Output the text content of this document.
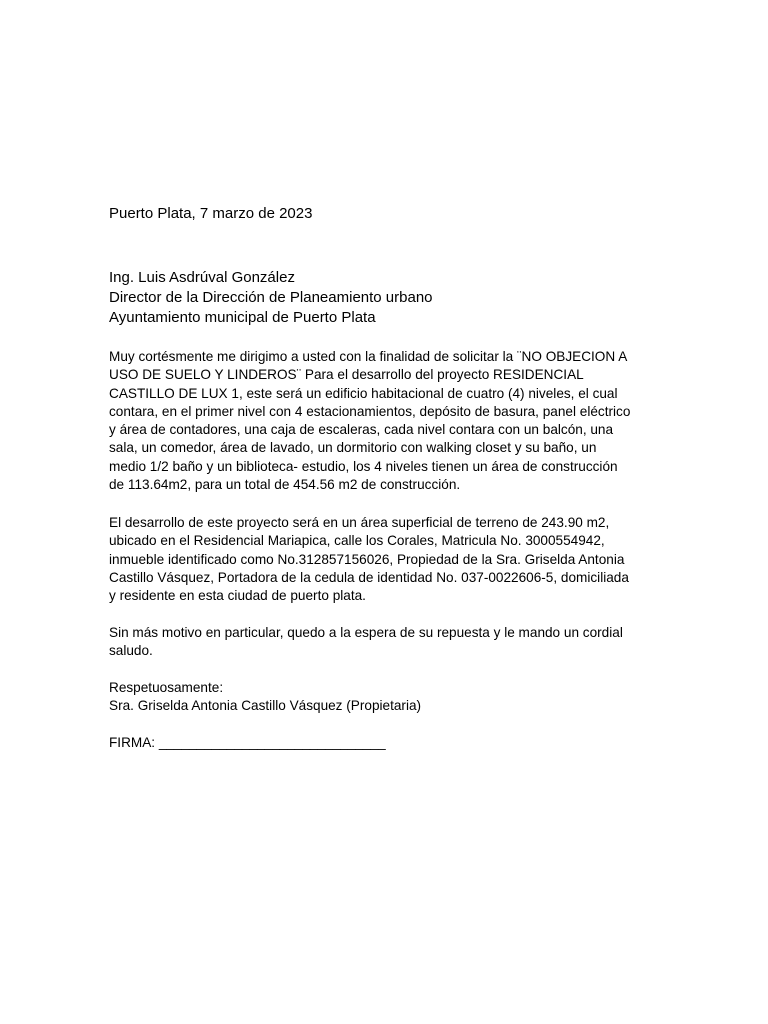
Puerto Plata, 7 marzo de 2023
Ing. Luis Asdrúval González
Director de la Dirección de Planeamiento urbano
Ayuntamiento municipal de Puerto Plata
Muy cortésmente me dirigimo a usted con la finalidad de solicitar la ¨NO OBJECION A
USO DE SUELO Y LINDEROS¨ Para el desarrollo del proyecto RESIDENCIAL
CASTILLO DE LUX 1, este será un edificio habitacional de cuatro (4) niveles, el cual
contara, en el primer nivel con 4 estacionamientos, depósito de basura, panel eléctrico
y área de contadores, una caja de escaleras, cada nivel contara con un balcón, una
sala, un comedor, área de lavado, un dormitorio con walking closet y su baño, un
medio 1/2 baño y un biblioteca- estudio, los 4 niveles tienen un área de construcción
de 113.64m2, para un total de 454.56 m2 de construcción.
El desarrollo de este proyecto será en un área superficial de terreno de 243.90 m2,
ubicado en el Residencial Mariapica, calle los Corales, Matricula No. 3000554942,
inmueble identificado como No.312857156026, Propiedad de la Sra. Griselda Antonia
Castillo Vásquez, Portadora de la cedula de identidad No. 037-0022606-5, domiciliada
y residente en esta ciudad de puerto plata.
Sin más motivo en particular, quedo a la espera de su repuesta y le mando un cordial
saludo.
Respetuosamente:
Sra. Griselda Antonia Castillo Vásquez (Propietaria)
FIRMA: ______________________________
